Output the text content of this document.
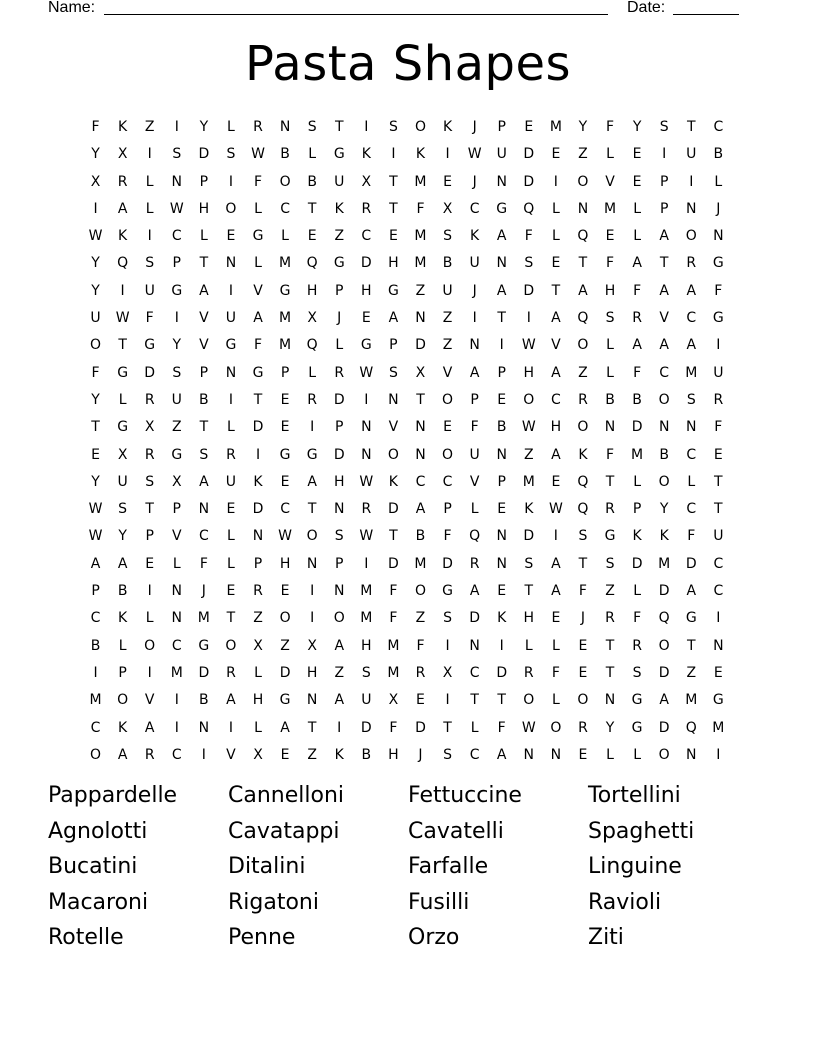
Name:	Date:
Pasta Shapes
F	K	Z	I	Y	L	R	N	S	T	I	S	O	K	J	P	E	M	Y	F	Y	S	T	C
Y	X	I	S	D	S	W	B	L	G	K	I	K	I	W	U	D	E	Z	L	E	I	U	B
X	R	L	N	P	I	F	O	B	U	X	T	M	E	J	N	D	I	O	V	E	P	I	L
I	A	L	W	H	O	L	C	T	K	R	T	F	X	C	G	Q	L	N	M	L	P	N	J
W	K	I	C	L	E	G	L	E	Z	C	E	M	S	K	A	F	L	Q	E	L	A	O	N
Y	Q	S	P	T	N	L	M	Q	G	D	H	M	B	U	N	S	E	T	F	A	T	R	G
Y	I	U	G	A	I	V	G	H	P	H	G	Z	U	J	A	D	T	A	H	F	A	A	F
U	W	F	I	V	U	A	M	X	J	E	A	N	Z	I	T	I	A	Q	S	R	V	C	G
O	T	G	Y	V	G	F	M	Q	L	G	P	D	Z	N	I	W	V	O	L	A	A	A	I
F	G	D	S	P	N	G	P	L	R	W	S	X	V	A	P	H	A	Z	L	F	C	M	U
Y	L	R	U	B	I	T	E	R	D	I	N	T	O	P	E	O	C	R	B	B	O	S	R
T	G	X	Z	T	L	D	E	I	P	N	V	N	E	F	B	W	H	O	N	D	N	N	F
E	X	R	G	S	R	I	G	G	D	N	O	N	O	U	N	Z	A	K	F	M	B	C	E
Y	U	S	X	A	U	K	E	A	H	W	K	C	C	V	P	M	E	Q	T	L	O	L	T
W	S	T	P	N	E	D	C	T	N	R	D	A	P	L	E	K	W	Q	R	P	Y	C	T
W	Y	P	V	C	L	N	W	O	S	W	T	B	F	Q	N	D	I	S	G	K	K	F	U
A	A	E	L	F	L	P	H	N	P	I	D	M	D	R	N	S	A	T	S	D	M	D	C
P	B	I	N	J	E	R	E	I	N	M	F	O	G	A	E	T	A	F	Z	L	D	A	C
C	K	L	N	M	T	Z	O	I	O	M	F	Z	S	D	K	H	E	J	R	F	Q	G	I
B	L	O	C	G	O	X	Z	X	A	H	M	F	I	N	I	L	L	E	T	R	O	T	N
I	P	I	M	D	R	L	D	H	Z	S	M	R	X	C	D	R	F	E	T	S	D	Z	E
M	O	V	I	B	A	H	G	N	A	U	X	E	I	T	T	O	L	O	N	G	A	M	G
C	K	A	I	N	I	L	A	T	I	D	F	D	T	L	F	W	O	R	Y	G	D	Q	M
O	A	R	C	I	V	X	E	Z	K	B	H	J	S	C	A	N	N	E	L	L	O	N	I
Pappardelle	Cannelloni	Fettuccine	Tortellini
Agnolotti	Cavatappi	Cavatelli	Spaghetti
Bucatini	Ditalini	Farfalle	Linguine
Macaroni	Rigatoni	Fusilli	Ravioli
Rotelle	Penne	Orzo	Ziti
